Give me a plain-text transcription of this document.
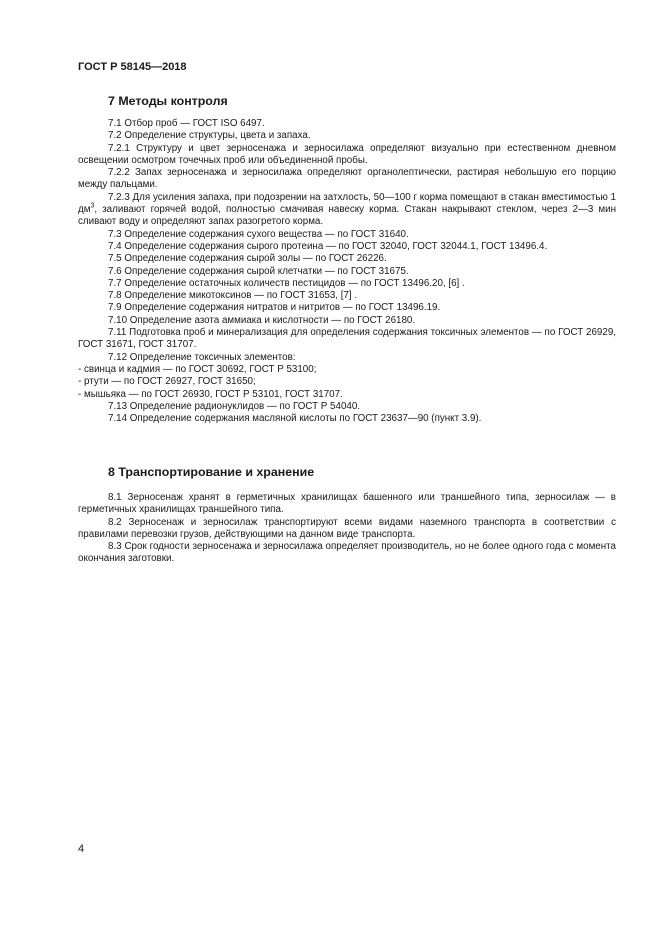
ГОСТ Р 58145—2018
7 Методы контроля

7.1 Отбор проб — ГОСТ ISO 6497.

7.2 Определение структуры, цвета и запаха.

7.2.1 Структуру и цвет зерносенажа и зерносилажа определяют визуально при естественном дневном освещении осмотром точечных проб или объединенной пробы.

7.2.2 Запах зерносенажа и зерносилажа определяют органолептически, растирая небольшую его порцию между пальцами.

7.2.3 Для усиления запаха, при подозрении на затхлость, 50—100 г корма помещают в стакан вместимостью 1 $дм^3$, заливают горячей водой, полностью смачивая навеску корма. Стакан накрывают стеклом, через 2—3 мин сливают воду и определяют запах разогретого корма.

7.3 Определение содержания сухого вещества — по ГОСТ 31640.

7.4 Определение содержания сырого протеина — по ГОСТ 32040, ГОСТ 32044.1, ГОСТ 13496.4.

7.5 Определение содержания сырой золы — по ГОСТ 26226.

7.6 Определение содержания сырой клетчатки — по ГОСТ 31675.

7.7 Определение остаточных количеств пестицидов — по ГОСТ 13496.20, [6] .

7.8 Определение микотоксинов — по ГОСТ 31653, [7] .

7.9 Определение содержания нитратов и нитритов — по ГОСТ 13496.19.

7.10 Определение азота аммиака и кислотности — по ГОСТ 26180.

7.11 Подготовка проб и минерализация для определения содержания токсичных элементов — по ГОСТ 26929, ГОСТ 31671, ГОСТ 31707.

7.12 Определение токсичных элементов:

- свинца и кадмия — по ГОСТ 30692, ГОСТ Р 53100;

- ртути — по ГОСТ 26927, ГОСТ 31650;

- мышьяка — по ГОСТ 26930, ГОСТ Р 53101, ГОСТ 31707.

7.13 Определение радионуклидов — по ГОСТ Р 54040.

7.14 Определение содержания масляной кислоты по ГОСТ 23637—90 (пункт 3.9).

8 Транспортирование и хранение

8.1 Зерносенаж хранят в герметичных хранилищах башенного или траншейного типа, зерносилаж — в герметичных хранилищах траншейного типа.

8.2 Зерносенаж и зерносилаж транспортируют всеми видами наземного транспорта в соответствии с правилами перевозки грузов, действующими на данном виде транспорта.

8.3 Срок годности зерносенажа и зерносилажа определяет производитель, но не более одного года с момента окончания заготовки.

4
